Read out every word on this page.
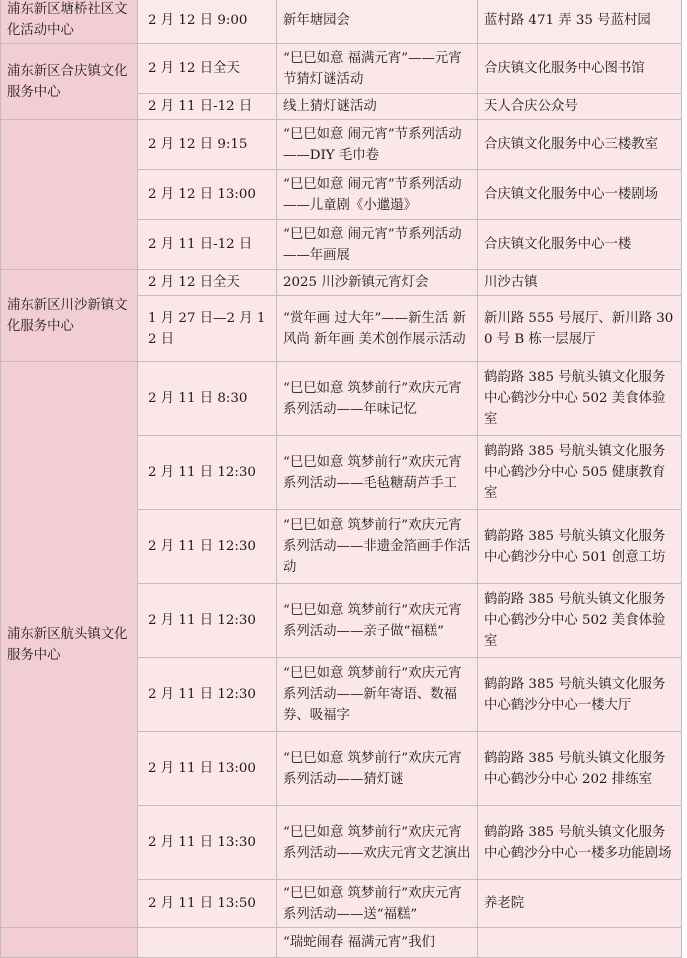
浦东新区塘桥社区文化活动中心	2 月 12 日 9:00	新年塘园会	蓝村路 471 弄 35 号蓝村园
浦东新区合庆镇文化服务中心	2 月 12 日全天	“巳巳如意 福满元宵”——元宵节猜灯谜活动	合庆镇文化服务中心图书馆
	2 月 11 日-12 日	线上猜灯谜活动	天人合庆公众号
	2 月 12 日 9:15	“巳巳如意 闹元宵”节系列活动——DIY 毛巾卷	合庆镇文化服务中心三楼教室
	2 月 12 日 13:00	“巳巳如意 闹元宵”节系列活动——儿童剧《小邋遢》	合庆镇文化服务中心一楼剧场
	2 月 11 日-12 日	“巳巳如意 闹元宵”节系列活动——年画展	合庆镇文化服务中心一楼
浦东新区川沙新镇文化服务中心	2 月 12 日全天	2025 川沙新镇元宵灯会	川沙古镇
	1 月 27 日—2 月 12 日	“赏年画 过大年”——新生活 新风尚 新年画 美术创作展示活动	新川路 555 号展厅、新川路 300 号 B 栋一层展厅
浦东新区航头镇文化服务中心	2 月 11 日 8:30	“巳巳如意 筑梦前行”欢庆元宵系列活动——年味记忆	鹤韵路 385 号航头镇文化服务中心鹤沙分中心 502 美食体验室
	2 月 11 日 12:30	“巳巳如意 筑梦前行”欢庆元宵系列活动——毛毡糖葫芦手工	鹤韵路 385 号航头镇文化服务中心鹤沙分中心 505 健康教育室
	2 月 11 日 12:30	“巳巳如意 筑梦前行”欢庆元宵系列活动——非遗金箔画手作活动	鹤韵路 385 号航头镇文化服务中心鹤沙分中心 501 创意工坊
	2 月 11 日 12:30	“巳巳如意 筑梦前行”欢庆元宵系列活动——亲子做“福糕”	鹤韵路 385 号航头镇文化服务中心鹤沙分中心 502 美食体验室
	2 月 11 日 12:30	“巳巳如意 筑梦前行”欢庆元宵系列活动——新年寄语、数福券、吸福字	鹤韵路 385 号航头镇文化服务中心鹤沙分中心一楼大厅
	2 月 11 日 13:00	“巳巳如意 筑梦前行”欢庆元宵系列活动——猜灯谜	鹤韵路 385 号航头镇文化服务中心鹤沙分中心 202 排练室
	2 月 11 日 13:30	“巳巳如意 筑梦前行”欢庆元宵系列活动——欢庆元宵文艺演出	鹤韵路 385 号航头镇文化服务中心鹤沙分中心一楼多功能剧场
	2 月 11 日 13:50	“巳巳如意 筑梦前行”欢庆元宵系列活动——送“福糕”	养老院
		“瑞蛇闹春 福满元宵”我们	
